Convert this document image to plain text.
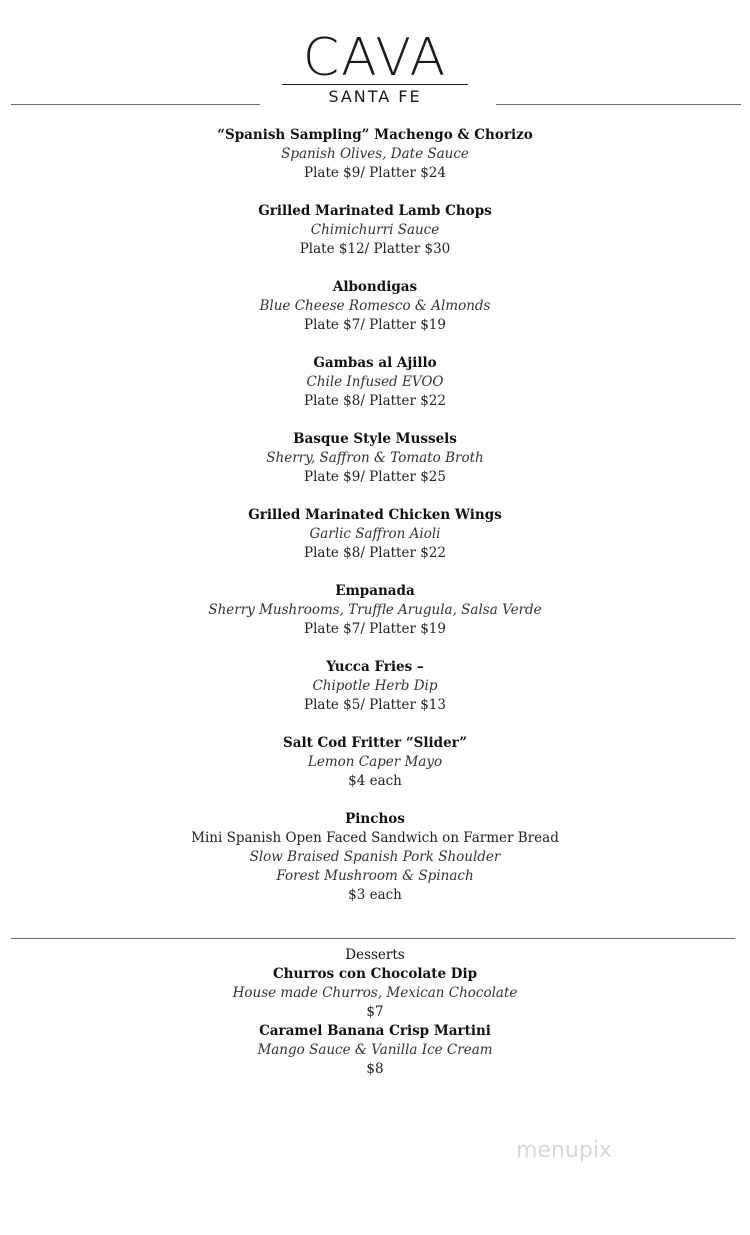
CAVA
SANTA FE
“Spanish Sampling” Machengo & Chorizo
Spanish Olives, Date Sauce
Plate $9/ Platter $24
Grilled Marinated Lamb Chops
Chimichurri Sauce
Plate $12/ Platter $30
Albondigas
Blue Cheese Romesco & Almonds
Plate $7/ Platter $19
Gambas al Ajillo
Chile Infused EVOO
Plate $8/ Platter $22
Basque Style Mussels
Sherry, Saffron & Tomato Broth
Plate $9/ Platter $25
Grilled Marinated Chicken Wings
Garlic Saffron Aioli
Plate $8/ Platter $22
Empanada
Sherry Mushrooms, Truffle Arugula, Salsa Verde
Plate $7/ Platter $19
Yucca Fries –
Chipotle Herb Dip
Plate $5/ Platter $13
Salt Cod Fritter “Slider”
Lemon Caper Mayo
$4 each
Pinchos
Mini Spanish Open Faced Sandwich on Farmer Bread
Slow Braised Spanish Pork Shoulder
Forest Mushroom & Spinach
$3 each
Desserts
Churros con Chocolate Dip
House made Churros, Mexican Chocolate
$7
Caramel Banana Crisp Martini
Mango Sauce & Vanilla Ice Cream
$8
menupix
